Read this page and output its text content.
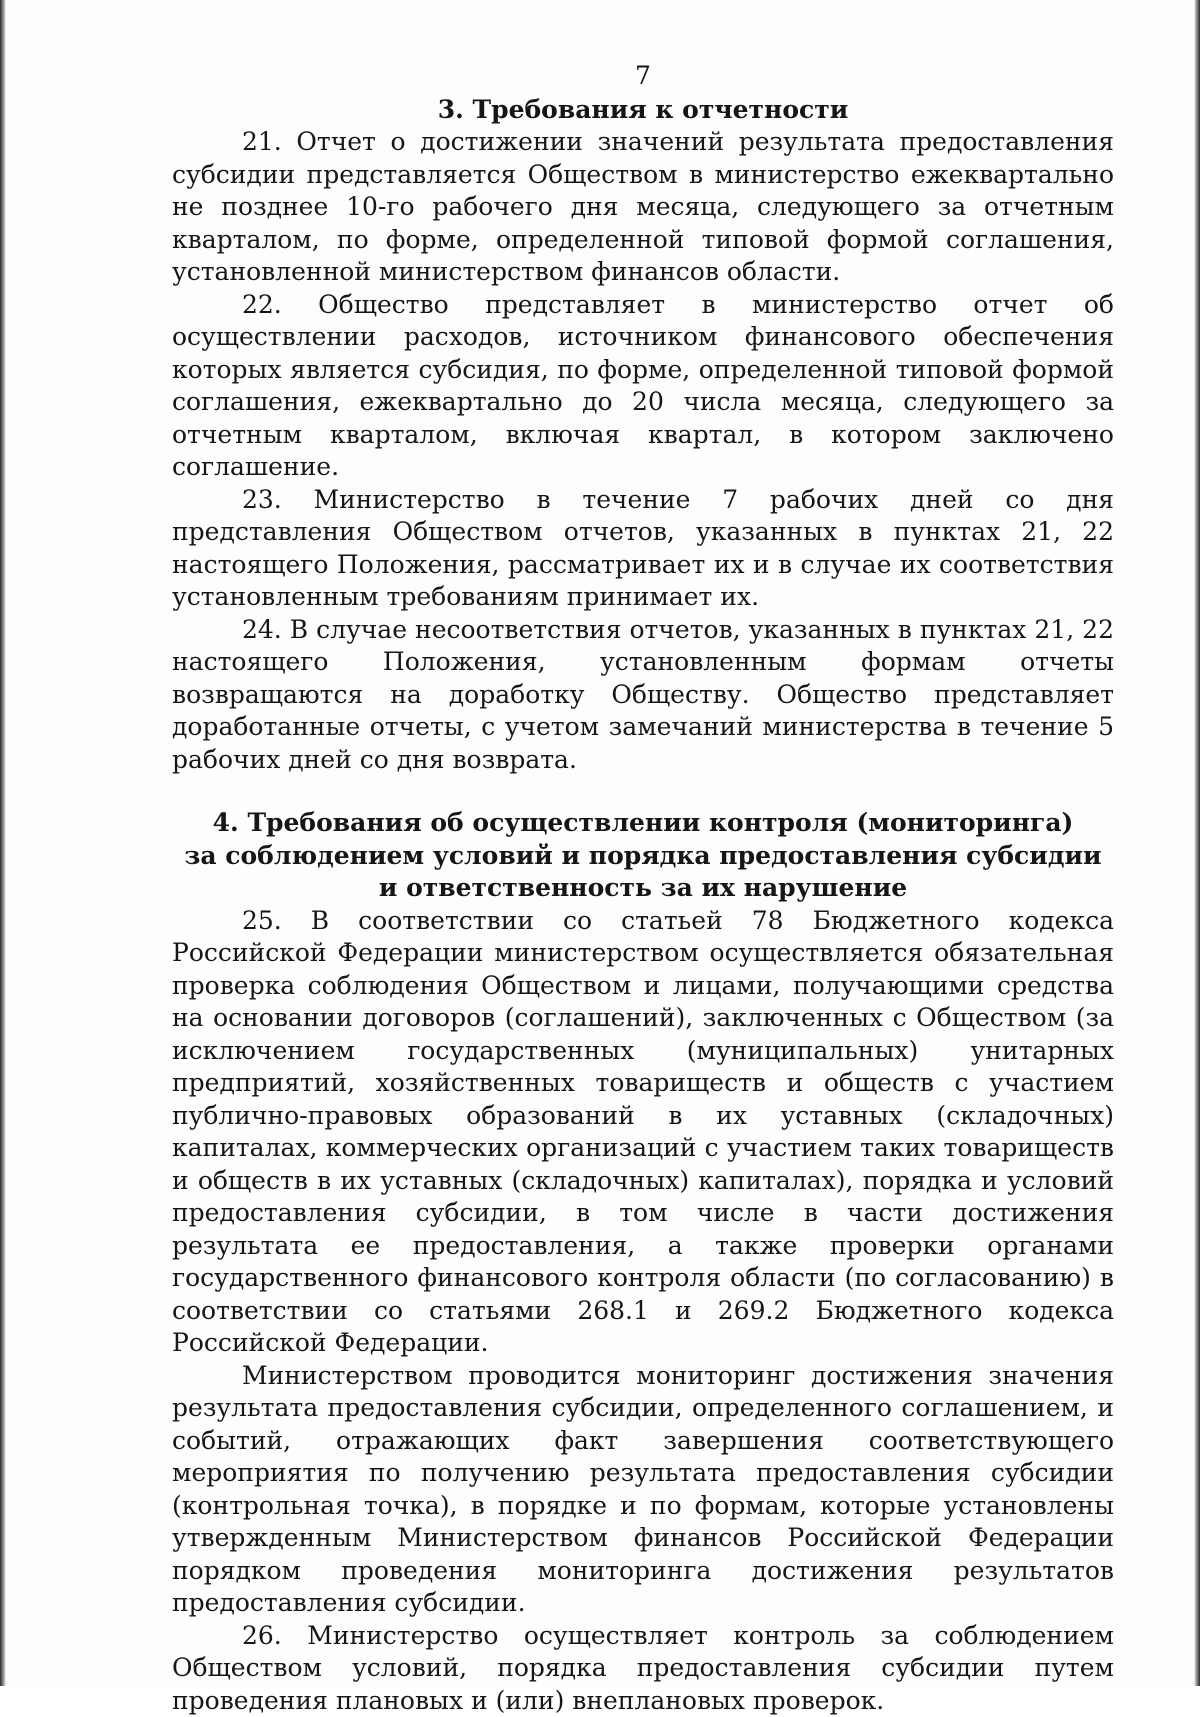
7
3. Требования к отчетности

21. Отчет о достижении значений результата предоставления субсидии представляется Обществом в министерство ежеквартально не позднее 10-го рабочего дня месяца, следующего за отчетным кварталом, по форме, определенной типовой формой соглашения, установленной министерством финансов области.

22. Общество представляет в министерство отчет об осуществлении расходов, источником финансового обеспечения которых является субсидия, по форме, определенной типовой формой соглашения, ежеквартально до 20 числа месяца, следующего за отчетным кварталом, включая квартал, в котором заключено соглашение.

23. Министерство в течение 7 рабочих дней со дня представления Обществом отчетов, указанных в пунктах 21, 22 настоящего Положения, рассматривает их и в случае их соответствия установленным требованиям принимает их.

24. В случае несоответствия отчетов, указанных в пунктах 21, 22 настоящего Положения, установленным формам отчеты возвращаются на доработку Обществу. Общество представляет доработанные отчеты, с учетом замечаний министерства в течение 5 рабочих дней со дня возврата.

4. Требования об осуществлении контроля (мониторинга)
за соблюдением условий и порядка предоставления субсидии
и ответственность за их нарушение

25. В соответствии со статьей 78 Бюджетного кодекса Российской Федерации министерством осуществляется обязательная проверка соблюдения Обществом и лицами, получающими средства на основании договоров (соглашений), заключенных с Обществом (за исключением государственных (муниципальных) унитарных предприятий, хозяйственных товариществ и обществ с участием публично-правовых образований в их уставных (складочных) капиталах, коммерческих организаций с участием таких товариществ и обществ в их уставных (складочных) капиталах), порядка и условий предоставления субсидии, в том числе в части достижения результата ее предоставления, а также проверки органами государственного финансового контроля области (по согласованию) в соответствии со статьями 268.1 и 269.2 Бюджетного кодекса Российской Федерации.

Министерством проводится мониторинг достижения значения результата предоставления субсидии, определенного соглашением, и событий, отражающих факт завершения соответствующего мероприятия по получению результата предоставления субсидии (контрольная точка), в порядке и по формам, которые установлены утвержденным Министерством финансов Российской Федерации порядком проведения мониторинга достижения результатов предоставления субсидии.

26. Министерство осуществляет контроль за соблюдением Обществом условий, порядка предоставления субсидии путем проведения плановых и (или) внеплановых проверок.
